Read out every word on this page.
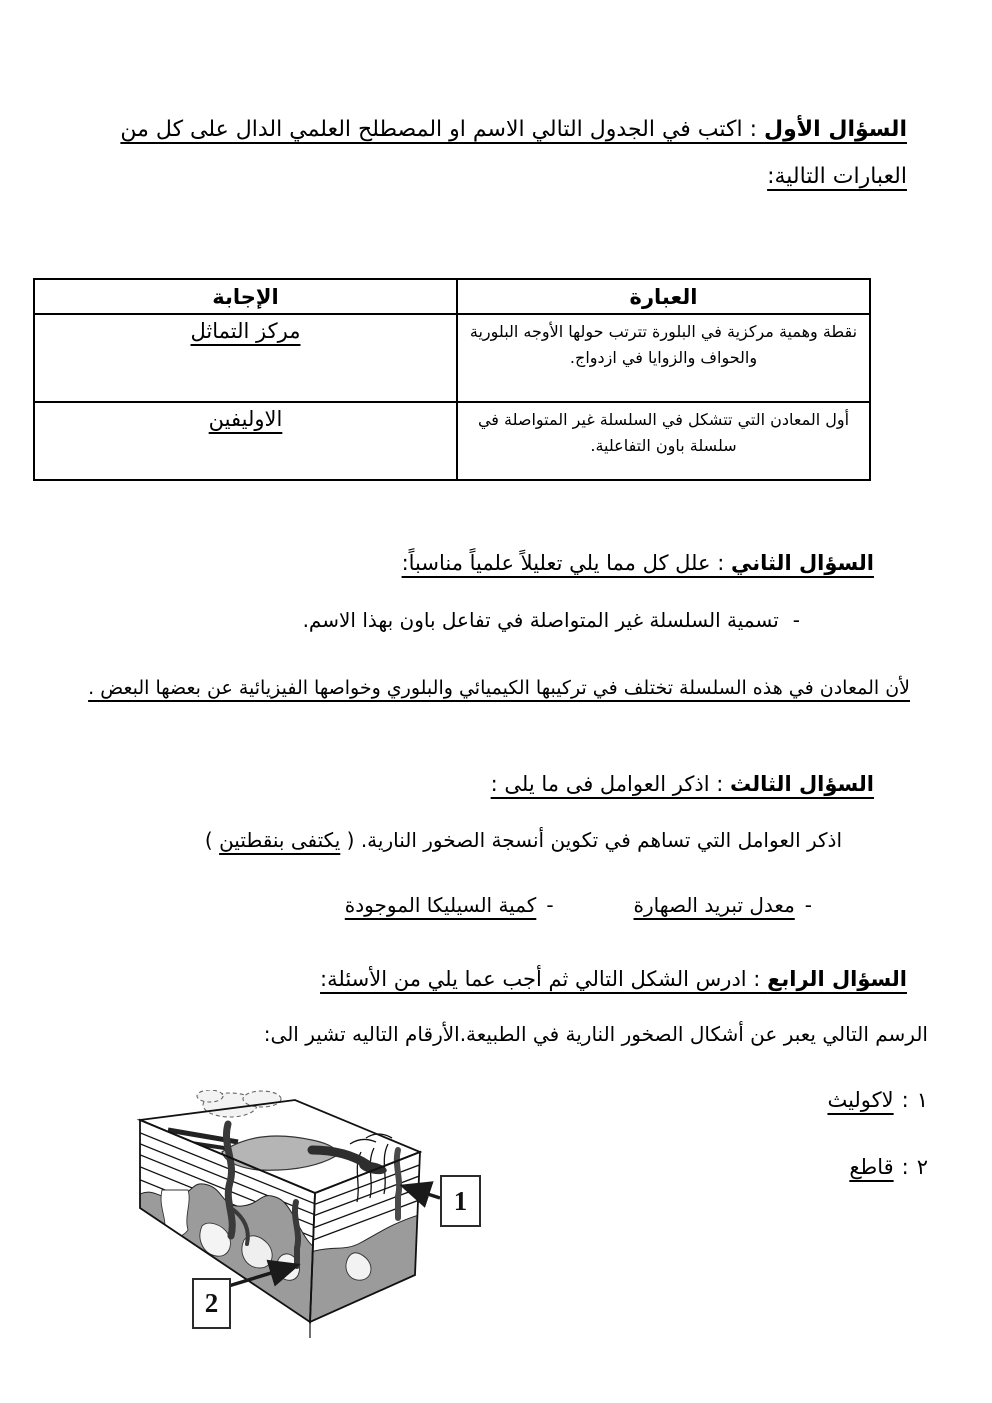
السؤال الأول : اكتب في الجدول التالي الاسم او المصطلح العلمي الدال على كل من العبارات التالية:
العبارة	الإجابة
نقطة وهمية مركزية في البلورة تترتب حولها الأوجه البلورية والحواف والزوايا في ازدواج.	مركز التماثل
أول المعادن التي تتشكل في السلسلة غير المتواصلة في سلسلة باون التفاعلية.	الاوليفين
السؤال الثاني : علل كل مما يلي تعليلاً علمياً مناسباً:
-تسمية السلسلة غير المتواصلة في تفاعل باون بهذا الاسم.
لأن المعادن في هذه السلسلة تختلف في تركيبها الكيميائي والبلوري وخواصها الفيزيائية عن بعضها البعض .
السؤال الثالث : اذكر العوامل فى ما يلى :
اذكر العوامل التي تساهم في تكوين أنسجة الصخور النارية. ( يكتفى بنقطتين )
-معدل تبريد الصهارة
-كمية السيليكا الموجودة
السؤال الرابع : ادرس الشكل التالي ثم أجب عما يلي من الأسئلة:
الرسم التالي يعبر عن أشكال الصخور النارية في الطبيعة.الأرقام التاليه تشير الى:
١:لاكوليث
٢:قاطع
1
2
